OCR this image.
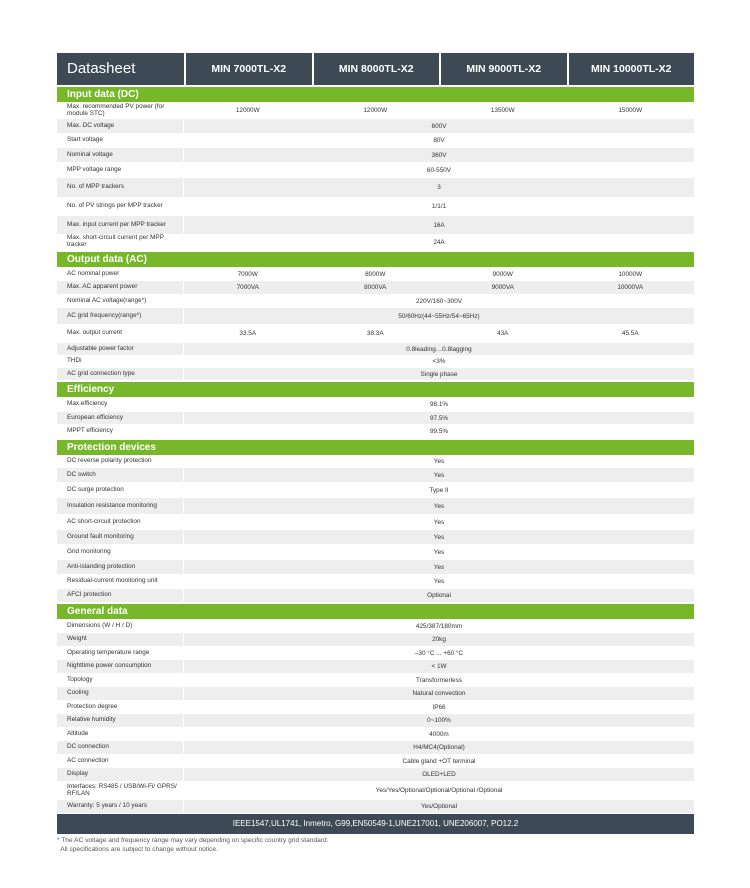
Datasheet	MIN 7000TL-X2	MIN 8000TL-X2	MIN 9000TL-X2	MIN 10000TL-X2
Input data (DC)
Max. recommended PV power (for module STC)	12000W	12000W	13500W	15000W
Max. DC voltage	600V
Start voltage	80V
Nominal voltage	360V
MPP voltage range	60-550V
No. of MPP trackers	3
No. of PV strings per MPP tracker	1/1/1
Max. input current per MPP tracker	16A
Max. short-circuit current per MPP tracker	24A
Output data (AC)
AC nominal power	7000W	8000W	9000W	10000W
Max. AC apparent power	7000VA	8000VA	9000VA	10000VA
Nominal AC voltage(range*)	220V/160~300V
AC grid frequency(range*)	50/60Hz(44~55Hz/54~65Hz)
Max. output current	33.5A	38.3A	43A	45.5A
Adjustable power factor	0.8leading…0.8lagging
THDi	<3%
AC grid connection type	Single phase
Efficiency
Max.efficiency	98.1%
European efficiency	97.5%
MPPT efficiency	99.5%
Protection devices
DC reverse polarity protection	Yes
DC switch	Yes
DC surge protection	Type II
Insulation resistance monitoring	Yes
AC short-circuit protection	Yes
Ground fault monitoring	Yes
Grid monitoring	Yes
Anti-islanding protection	Yes
Residual-current monitoring unit	Yes
AFCI protection	Optional
General data
Dimensions (W / H / D)	425/387/180mm
Weight	20kg
Operating temperature range	–30 °C ... +60 °C
Nighttime power consumption	< 1W
Topology	Transformerless
Cooling	Natural convection
Protection degree	IP66
Relative humidity	0~100%
Altitude	4000m
DC connection	H4/MC4(Optional)
AC connection	Cable gland +OT terminal
Display	OLED+LED
Interfaces: RS485 / USB/Wi-Fi/ GPRS/ RF/LAN	Yes/Yes/Optional/Optional/Optional /Optional
Warranty: 5 years / 10 years	Yes/Optional
IEEE1547,UL1741, Inmetro, G99,EN50549-1,UNE217001, UNE206007, PO12.2
* The AC voltage and frequency range may vary depending on specific country grid standard.
All specifications are subject to change without notice.
